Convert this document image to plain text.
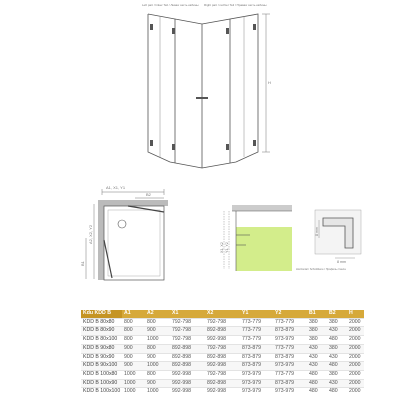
Left part / linker Teil / Левая часть кабины Right part / rechter Teil / Правая часть кабины
H
A1, X1, Y1
B2
A2, X2, Y2
B1
X1, X2 Y1, Y2
8 mm
8 mm
Horizontal / Schnittbene / Профиль стекла
Kdu KDD B	A1	A2	X1	X2	Y1	Y2	B1	B2	H
KDD B 80x80	800	800	792-798	792-798	773-779	773-779	380	380	2000
KDD B 80x90	800	900	792-798	892-898	773-779	873-879	380	430	2000
KDD B 80x100	800	1000	792-798	992-998	773-779	973-979	380	480	2000
KDD B 90x80	900	800	892-898	792-798	873-879	773-779	430	380	2000
KDD B 90x90	900	900	892-898	892-898	873-879	873-879	430	430	2000
KDD B 90x100	900	1000	892-898	992-998	873-879	973-979	430	480	2000
KDD B 100x80	1000	800	992-998	792-798	973-979	773-779	480	380	2000
KDD B 100x90	1000	900	992-998	892-898	973-979	873-879	480	430	2000
KDD B 100x100	1000	1000	992-998	992-998	973-979	973-979	480	480	2000
